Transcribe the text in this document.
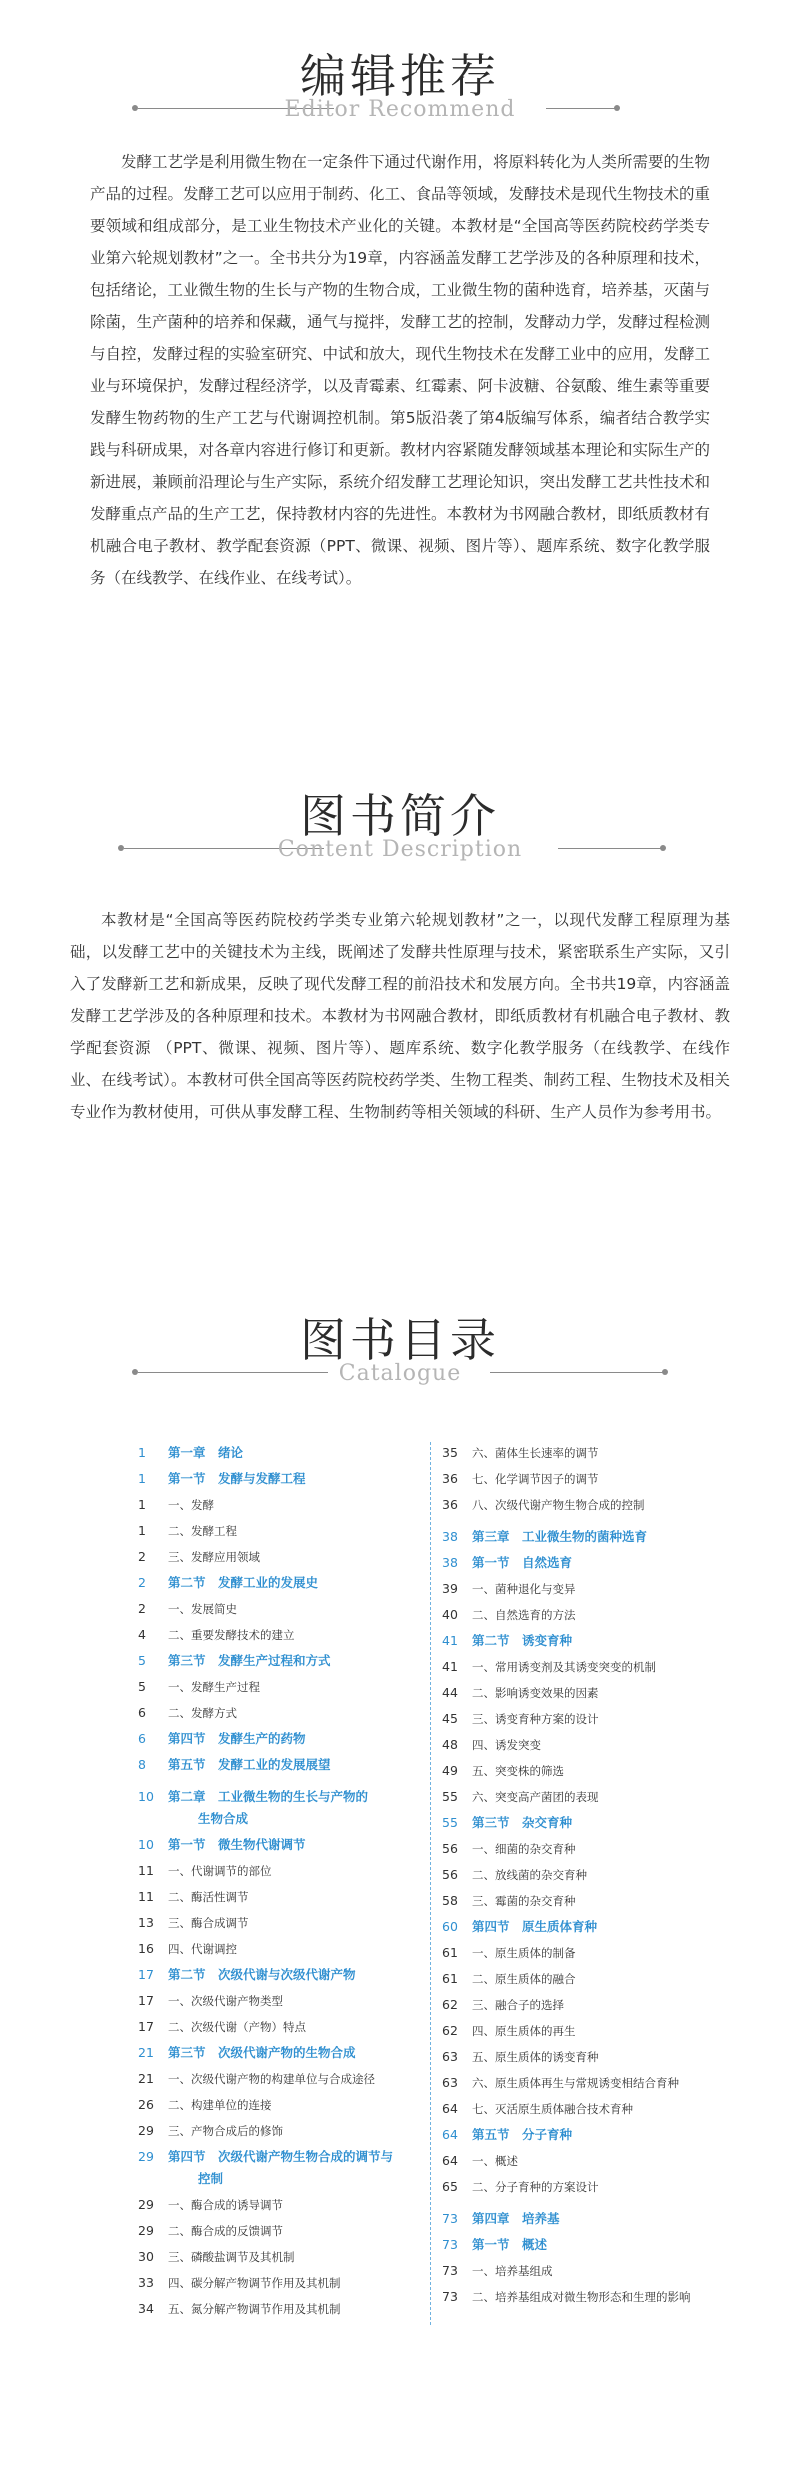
编辑推荐
Editor Recommend
发酵工艺学是利用微生物在一定条件下通过代谢作用，将原料转化为人类所需要的生物产品的过程。发酵工艺可以应用于制药、化工、食品等领域，发酵技术是现代生物技术的重要领域和组成部分，是工业生物技术产业化的关键。本教材是“全国高等医药院校药学类专业第六轮规划教材”之一。全书共分为19章，内容涵盖发酵工艺学涉及的各种原理和技术，包括绪论，工业微生物的生长与产物的生物合成，工业微生物的菌种选育，培养基，灭菌与除菌，生产菌种的培养和保藏，通气与搅拌，发酵工艺的控制，发酵动力学，发酵过程检测与自控，发酵过程的实验室研究、中试和放大，现代生物技术在发酵工业中的应用，发酵工业与环境保护，发酵过程经济学，以及青霉素、红霉素、阿卡波糖、谷氨酸、维生素等重要发酵生物药物的生产工艺与代谢调控机制。第5版沿袭了第4版编写体系，编者结合教学实践与科研成果，对各章内容进行修订和更新。教材内容紧随发酵领域基本理论和实际生产的新进展，兼顾前沿理论与生产实际，系统介绍发酵工艺理论知识，突出发酵工艺共性技术和发酵重点产品的生产工艺，保持教材内容的先进性。本教材为书网融合教材，即纸质教材有机融合电子教材、教学配套资源（PPT、微课、视频、图片等）、题库系统、数字化教学服务（在线教学、在线作业、在线考试）。
图书简介
Content Description
本教材是“全国高等医药院校药学类专业第六轮规划教材”之一，以现代发酵工程原理为基础，以发酵工艺中的关键技术为主线，既阐述了发酵共性原理与技术，紧密联系生产实际，又引入了发酵新工艺和新成果，反映了现代发酵工程的前沿技术和发展方向。全书共19章，内容涵盖发酵工艺学涉及的各种原理和技术。本教材为书网融合教材，即纸质教材有机融合电子教材、教学配套资源 （PPT、微课、视频、图片等）、题库系统、数字化教学服务（在线教学、在线作业、在线考试）。本教材可供全国高等医药院校药学类、生物工程类、制药工程、生物技术及相关专业作为教材使用，可供从事发酵工程、生物制药等相关领域的科研、生产人员作为参考用书。
图书目录
Catalogue
1	第一章　绪论
1	第一节　发酵与发酵工程
1	一、发酵
1	二、发酵工程
2	三、发酵应用领域
2	第二节　发酵工业的发展史
2	一、发展简史
4	二、重要发酵技术的建立
5	第三节　发酵生产过程和方式
5	一、发酵生产过程
6	二、发酵方式
6	第四节　发酵生产的药物
8	第五节　发酵工业的发展展望
10	第二章　工业微生物的生长与产物的
生物合成
10	第一节　微生物代谢调节
11	一、代谢调节的部位
11	二、酶活性调节
13	三、酶合成调节
16	四、代谢调控
17	第二节　次级代谢与次级代谢产物
17	一、次级代谢产物类型
17	二、次级代谢（产物）特点
21	第三节　次级代谢产物的生物合成
21	一、次级代谢产物的构建单位与合成途径
26	二、构建单位的连接
29	三、产物合成后的修饰
29	第四节　次级代谢产物生物合成的调节与
控制
29	一、酶合成的诱导调节
29	二、酶合成的反馈调节
30	三、磷酸盐调节及其机制
33	四、碳分解产物调节作用及其机制
34	五、氮分解产物调节作用及其机制
35	六、菌体生长速率的调节
36	七、化学调节因子的调节
36	八、次级代谢产物生物合成的控制
38	第三章　工业微生物的菌种选育
38	第一节　自然选育
39	一、菌种退化与变异
40	二、自然选育的方法
41	第二节　诱变育种
41	一、常用诱变剂及其诱变突变的机制
44	二、影响诱变效果的因素
45	三、诱变育种方案的设计
48	四、诱发突变
49	五、突变株的筛选
55	六、突变高产菌团的表现
55	第三节　杂交育种
56	一、细菌的杂交育种
56	二、放线菌的杂交育种
58	三、霉菌的杂交育种
60	第四节　原生质体育种
61	一、原生质体的制备
61	二、原生质体的融合
62	三、融合子的选择
62	四、原生质体的再生
63	五、原生质体的诱变育种
63	六、原生质体再生与常规诱变相结合育种
64	七、灭活原生质体融合技术育种
64	第五节　分子育种
64	一、概述
65	二、分子育种的方案设计
73	第四章　培养基
73	第一节　概述
73	一、培养基组成
73	二、培养基组成对微生物形态和生理的影响
